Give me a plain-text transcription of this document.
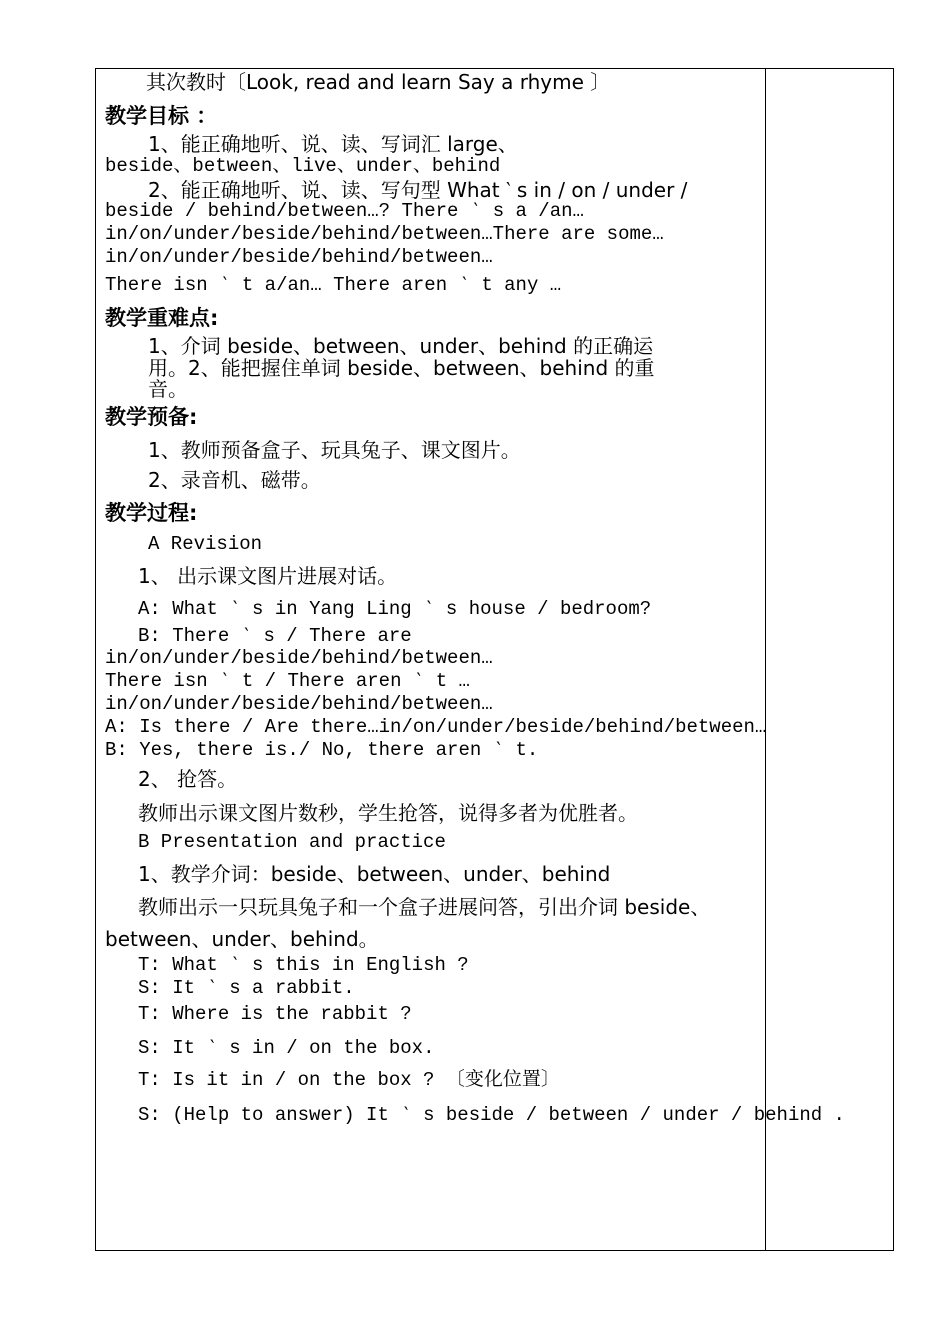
其次教时〔Look, read and learn Say a rhyme 〕
教学目标 ：
1、能正确地听、说、读、写词汇 large、
beside、between、live、under、behind
2、能正确地听、说、读、写句型 What ‵ s in / on / under /
beside / behind/between…? There ‵ s a /an…
in/on/under/beside/behind/between…There are some…
in/on/under/beside/behind/between…
There isn ‵ t a/an… There aren ‵ t any …
教学重难点:
1、介词 beside、between、under、behind 的正确运
用。2、能把握住单词 beside、between、behind 的重
音。
教学预备:
1、教师预备盒子、玩具兔子、课文图片。
2、录音机、磁带。
教学过程:
A Revision
1、 出示课文图片进展对话。
A: What ‵ s in Yang Ling ‵ s house / bedroom?
B: There ‵ s / There are
in/on/under/beside/behind/between…
There isn ‵ t / There aren ‵ t …
in/on/under/beside/behind/between…
A: Is there / Are there…in/on/under/beside/behind/between…
B: Yes, there is./ No, there aren ‵ t.
2、 抢答。
教师出示课文图片数秒，学生抢答，说得多者为优胜者。
B Presentation and practice
1、教学介词：beside、between、under、behind
教师出示一只玩具兔子和一个盒子进展问答，引出介词 beside、
between、under、behind。
T: What ‵ s this in English ?
S: It ‵ s a rabbit.
T: Where is the rabbit ?
S: It ‵ s in / on the box.
T: Is it in / on the box ? 〔变化位置〕
S: (Help to answer) It ‵ s beside / between / under / behind .
